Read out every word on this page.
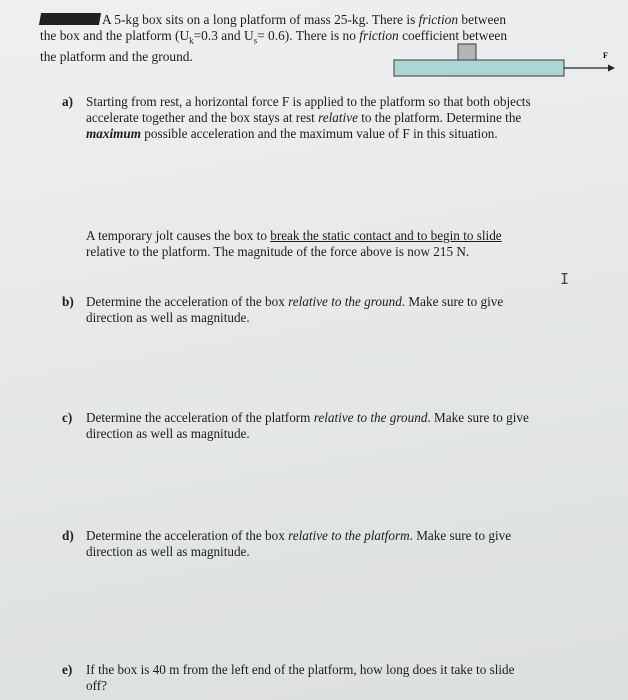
A 5-kg box sits on a long platform of mass 25-kg. There is friction between the box and the platform ($U_k=0.3$ and $U_s= 0.6$). There is no friction coefficient between the platform and the ground.	F
a) Starting from rest, a horizontal force F is applied to the platform so that both objects accelerate together and the box stays at rest relative to the platform. Determine the maximum possible acceleration and the maximum value of F in this situation.
A temporary jolt causes the box to break the static contact and to begin to slide relative to the platform. The magnitude of the force above is now 215 N.
I
b) Determine the acceleration of the box relative to the ground. Make sure to give direction as well as magnitude.
c) Determine the acceleration of the platform relative to the ground. Make sure to give direction as well as magnitude.
d) Determine the acceleration of the box relative to the platform. Make sure to give direction as well as magnitude.
e) If the box is 40 m from the left end of the platform, how long does it take to slide off?
